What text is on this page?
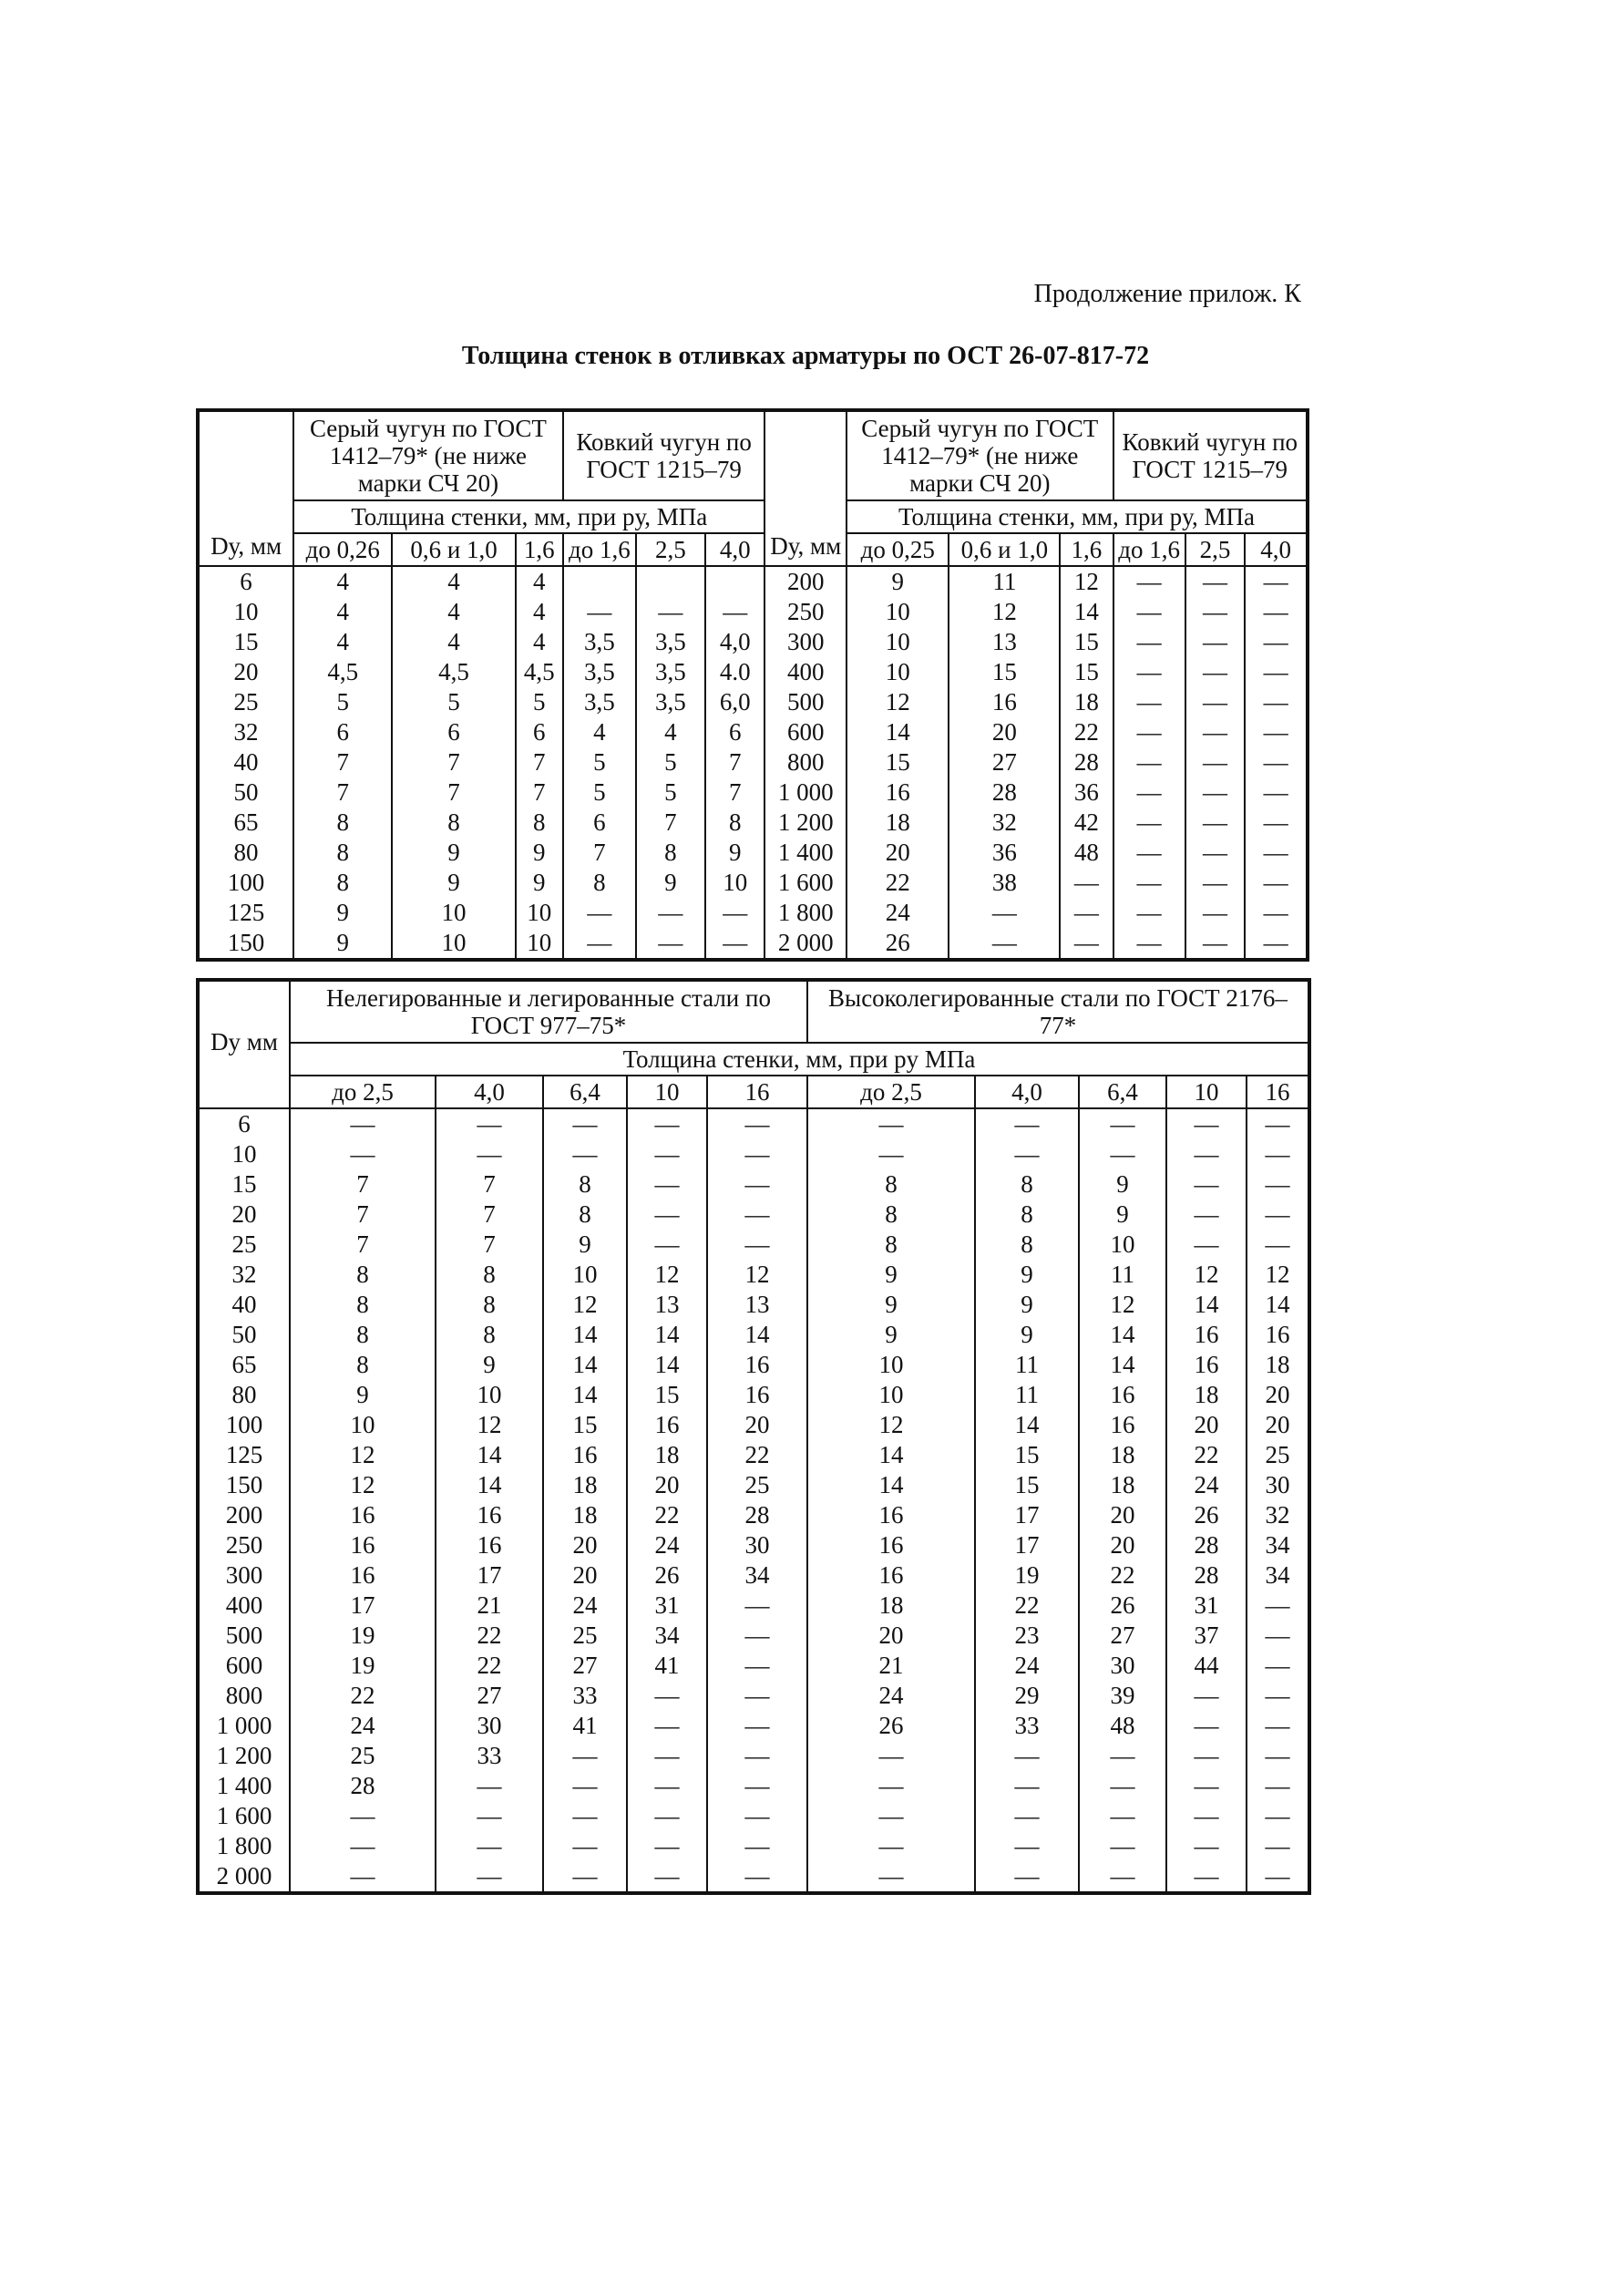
Продолжение прилож. К
Толщина стенок в отливках арматуры по ОСТ 26-07-817-72
Dу, мм	Серый чугун по ГОСТ 1412–79* (не ниже марки СЧ 20)			Ковкий чугун по ГОСТ 1215–79			Dу, мм	Серый чугун по ГОСТ 1412–79* (не ниже марки СЧ 20)			Ковкий чугун по ГОСТ 1215–79		
	Толщина стенки, мм, при pу, МПа							Толщина стенки, мм, при pу, МПа					
	до 0,26	0,6 и 1,0	1,6	до 1,6	2,5	4,0		до 0,25	0,6 и 1,0	1,6	до 1,6	2,5	4,0
6	4	4	4				200	9	11	12	—	—	—
10	4	4	4	—	—	—	250	10	12	14	—	—	—
15	4	4	4	3,5	3,5	4,0	300	10	13	15	—	—	—
20	4,5	4,5	4,5	3,5	3,5	4.0	400	10	15	15	—	—	—
25	5	5	5	3,5	3,5	6,0	500	12	16	18	—	—	—
32	6	6	6	4	4	6	600	14	20	22	—	—	—
40	7	7	7	5	5	7	800	15	27	28	—	—	—
50	7	7	7	5	5	7	1 000	16	28	36	—	—	—
65	8	8	8	6	7	8	1 200	18	32	42	—	—	—
80	8	9	9	7	8	9	1 400	20	36	48	—	—	—
100	8	9	9	8	9	10	1 600	22	38	—	—	—	—
125	9	10	10	—	—	—	1 800	24	—	—	—	—	—
150	9	10	10	—	—	—	2 000	26	—	—	—	—	—
Dу мм	Нелегированные и легированные стали по ГОСТ 977–75*					Высоколегированные стали по ГОСТ 2176–77*				
	Толщина стенки, мм, при pу МПа									
	до 2,5	4,0	6,4	10	16	до 2,5	4,0	6,4	10	16
6	—	—	—	—	—	—	—	—	—	—
10	—	—	—	—	—	—	—	—	—	—
15	7	7	8	—	—	8	8	9	—	—
20	7	7	8	—	—	8	8	9	—	—
25	7	7	9	—	—	8	8	10	—	—
32	8	8	10	12	12	9	9	11	12	12
40	8	8	12	13	13	9	9	12	14	14
50	8	8	14	14	14	9	9	14	16	16
65	8	9	14	14	16	10	11	14	16	18
80	9	10	14	15	16	10	11	16	18	20
100	10	12	15	16	20	12	14	16	20	20
125	12	14	16	18	22	14	15	18	22	25
150	12	14	18	20	25	14	15	18	24	30
200	16	16	18	22	28	16	17	20	26	32
250	16	16	20	24	30	16	17	20	28	34
300	16	17	20	26	34	16	19	22	28	34
400	17	21	24	31	—	18	22	26	31	—
500	19	22	25	34	—	20	23	27	37	—
600	19	22	27	41	—	21	24	30	44	—
800	22	27	33	—	—	24	29	39	—	—
1 000	24	30	41	—	—	26	33	48	—	—
1 200	25	33	—	—	—	—	—	—	—	—
1 400	28	—	—	—	—	—	—	—	—	—
1 600	—	—	—	—	—	—	—	—	—	—
1 800	—	—	—	—	—	—	—	—	—	—
2 000	—	—	—	—	—	—	—	—	—	—
